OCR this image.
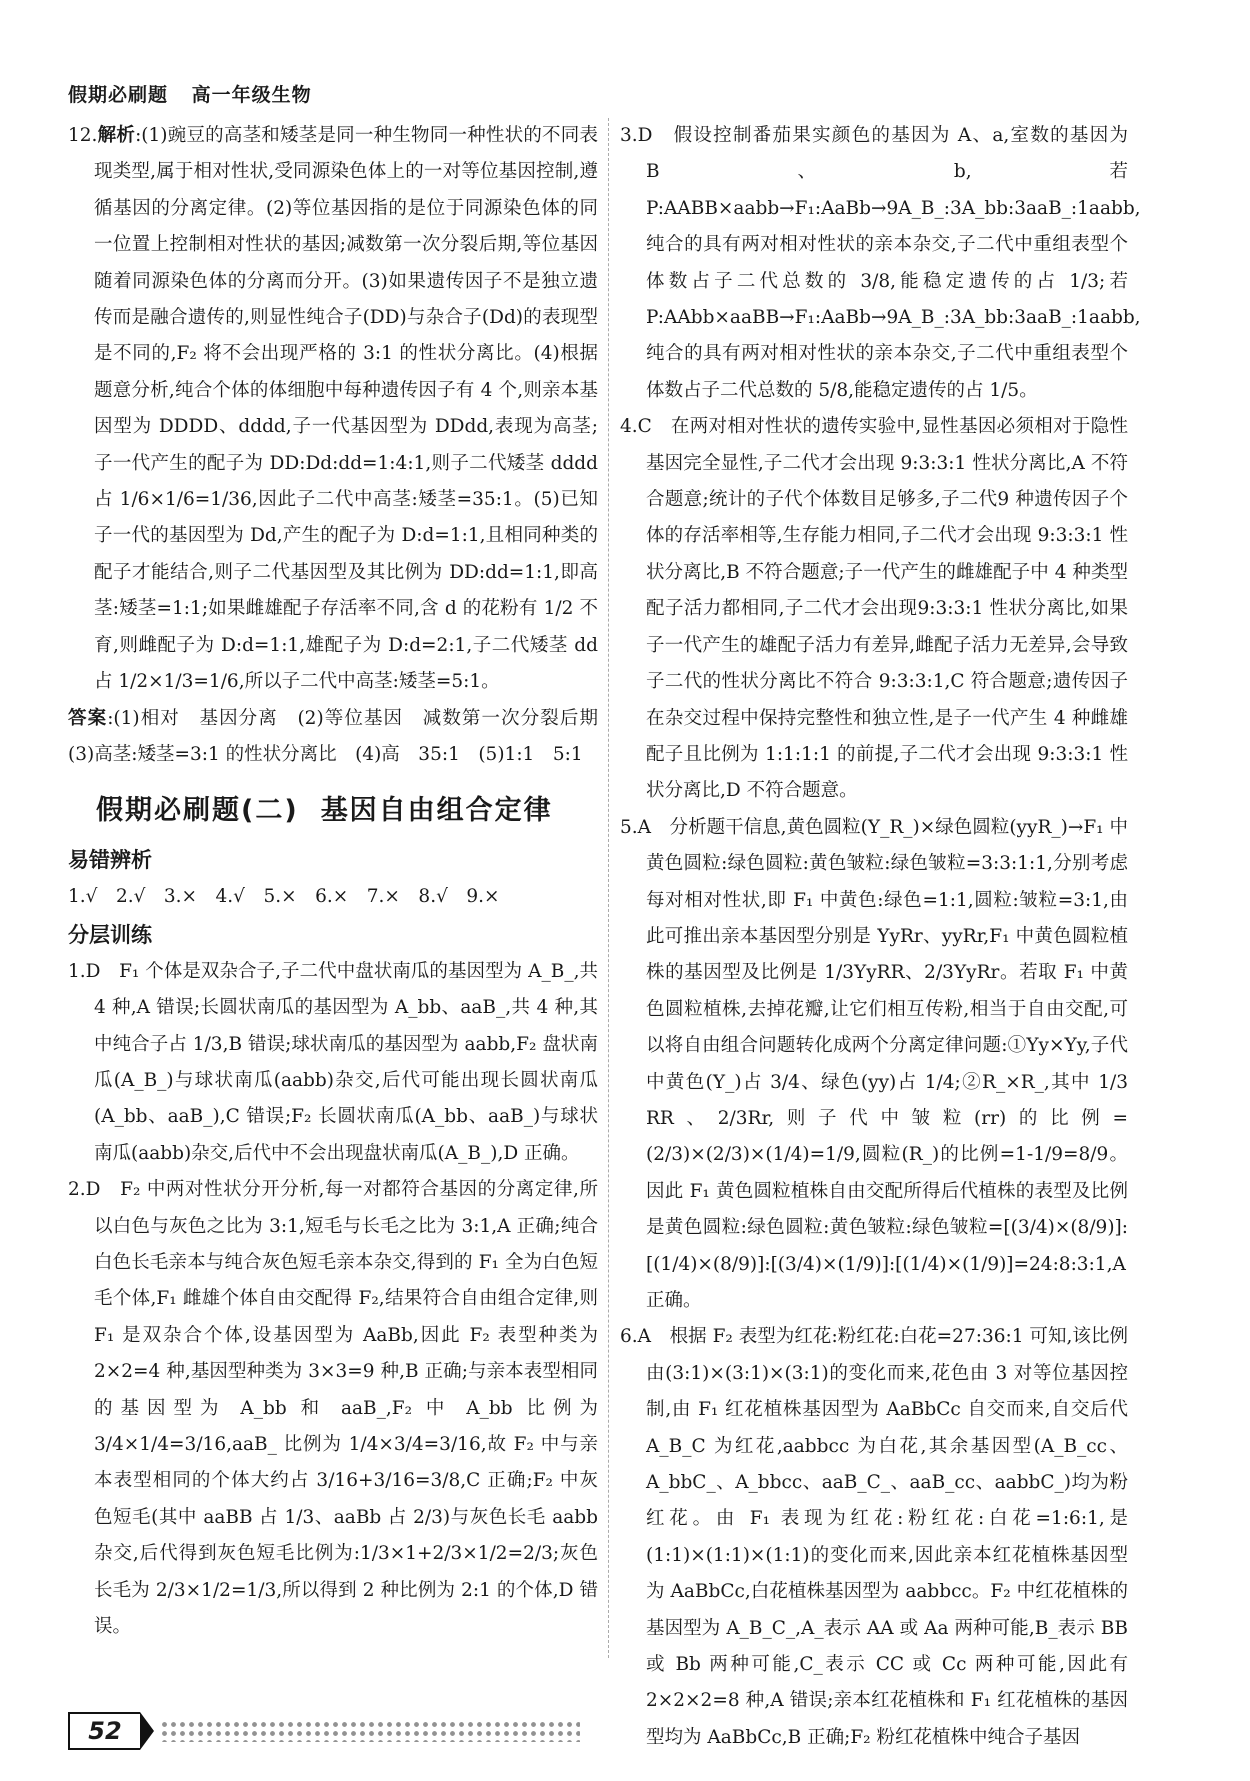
假期必刷题 高一年级生物

12.解析:(1)豌豆的高茎和矮茎是同一种生物同一种性状的不同表现类型,属于相对性状,受同源染色体上的一对等位基因控制,遵循基因的分离定律。(2)等位基因指的是位于同源染色体的同一位置上控制相对性状的基因;减数第一次分裂后期,等位基因随着同源染色体的分离而分开。(3)如果遗传因子不是独立遗传而是融合遗传的,则显性纯合子(DD)与杂合子(Dd)的表现型是不同的,F₂ 将不会出现严格的 3:1 的性状分离比。(4)根据题意分析,纯合个体的体细胞中每种遗传因子有 4 个,则亲本基因型为 DDDD、dddd,子一代基因型为 DDdd,表现为高茎;子一代产生的配子为 DD:Dd:dd=1:4:1,则子二代矮茎 dddd 占 1/6×1/6=1/36,因此子二代中高茎:矮茎=35:1。(5)已知子一代的基因型为 Dd,产生的配子为 D:d=1:1,且相同种类的配子才能结合,则子二代基因型及其比例为 DD:dd=1:1,即高茎:矮茎=1:1;如果雌雄配子存活率不同,含 d 的花粉有 1/2 不育,则雌配子为 D:d=1:1,雄配子为 D:d=2:1,子二代矮茎 dd 占 1/2×1/3=1/6,所以子二代中高茎:矮茎=5:1。

答案:(1)相对　基因分离　(2)等位基因　减数第一次分裂后期　(3)高茎:矮茎=3:1 的性状分离比　(4)高　35:1　(5)1:1　5:1

假期必刷题(二) 基因自由组合定律
易错辨析

1.√　2.√　3.×　4.√　5.×　6.×　7.×　8.√　9.×

分层训练

1.D　F₁ 个体是双杂合子,子二代中盘状南瓜的基因型为 A_B_,共 4 种,A 错误;长圆状南瓜的基因型为 A_bb、aaB_,共 4 种,其中纯合子占 1/3,B 错误;球状南瓜的基因型为 aabb,F₂ 盘状南瓜(A_B_)与球状南瓜(aabb)杂交,后代可能出现长圆状南瓜(A_bb、aaB_),C 错误;F₂ 长圆状南瓜(A_bb、aaB_)与球状南瓜(aabb)杂交,后代中不会出现盘状南瓜(A_B_),D 正确。

2.D　F₂ 中两对性状分开分析,每一对都符合基因的分离定律,所以白色与灰色之比为 3:1,短毛与长毛之比为 3:1,A 正确;纯合白色长毛亲本与纯合灰色短毛亲本杂交,得到的 F₁ 全为白色短毛个体,F₁ 雌雄个体自由交配得 F₂,结果符合自由组合定律,则 F₁ 是双杂合个体,设基因型为 AaBb,因此 F₂ 表型种类为 2×2=4 种,基因型种类为 3×3=9 种,B 正确;与亲本表型相同的基因型为 A_bb 和 aaB_,F₂ 中 A_bb 比例为 3/4×1/4=3/16,aaB_ 比例为 1/4×3/4=3/16,故 F₂ 中与亲本表型相同的个体大约占 3/16+3/16=3/8,C 正确;F₂ 中灰色短毛(其中 aaBB 占 1/3、aaBb 占 2/3)与灰色长毛 aabb 杂交,后代得到灰色短毛比例为:1/3×1+2/3×1/2=2/3;灰色长毛为 2/3×1/2=1/3,所以得到 2 种比例为 2:1 的个体,D 错误。

3.D　假设控制番茄果实颜色的基因为 A、a,室数的基因为 B、b,若 P:AABB×aabb→F₁:AaBb→9A_B_:3A_bb:3aaB_:1aabb,纯合的具有两对相对性状的亲本杂交,子二代中重组表型个体数占子二代总数的 3/8,能稳定遗传的占 1/3;若 P:AAbb×aaBB→F₁:AaBb→9A_B_:3A_bb:3aaB_:1aabb,纯合的具有两对相对性状的亲本杂交,子二代中重组表型个体数占子二代总数的 5/8,能稳定遗传的占 1/5。

4.C　在两对相对性状的遗传实验中,显性基因必须相对于隐性基因完全显性,子二代才会出现 9:3:3:1 性状分离比,A 不符合题意;统计的子代个体数目足够多,子二代9 种遗传因子个体的存活率相等,生存能力相同,子二代才会出现 9:3:3:1 性状分离比,B 不符合题意;子一代产生的雌雄配子中 4 种类型配子活力都相同,子二代才会出现9:3:3:1 性状分离比,如果子一代产生的雄配子活力有差异,雌配子活力无差异,会导致子二代的性状分离比不符合 9:3:3:1,C 符合题意;遗传因子在杂交过程中保持完整性和独立性,是子一代产生 4 种雌雄配子且比例为 1:1:1:1 的前提,子二代才会出现 9:3:3:1 性状分离比,D 不符合题意。

5.A　分析题干信息,黄色圆粒(Y_R_)×绿色圆粒(yyR_)→F₁ 中黄色圆粒:绿色圆粒:黄色皱粒:绿色皱粒=3:3:1:1,分别考虑每对相对性状,即 F₁ 中黄色:绿色=1:1,圆粒:皱粒=3:1,由此可推出亲本基因型分别是 YyRr、yyRr,F₁ 中黄色圆粒植株的基因型及比例是 1/3YyRR、2/3YyRr。若取 F₁ 中黄色圆粒植株,去掉花瓣,让它们相互传粉,相当于自由交配,可以将自由组合问题转化成两个分离定律问题:①Yy×Yy,子代中黄色(Y_)占 3/4、绿色(yy)占 1/4;②R_×R_,其中 1/3 RR、2/3Rr,则子代中皱粒(rr)的比例=(2/3)×(2/3)×(1/4)=1/9,圆粒(R_)的比例=1-1/9=8/9。因此 F₁ 黄色圆粒植株自由交配所得后代植株的表型及比例是黄色圆粒:绿色圆粒:黄色皱粒:绿色皱粒=[(3/4)×(8/9)]:[(1/4)×(8/9)]:[(3/4)×(1/9)]:[(1/4)×(1/9)]=24:8:3:1,A 正确。

6.A　根据 F₂ 表型为红花:粉红花:白花=27:36:1 可知,该比例由(3:1)×(3:1)×(3:1)的变化而来,花色由 3 对等位基因控制,由 F₁ 红花植株基因型为 AaBbCc 自交而来,自交后代 A_B_C 为红花,aabbcc 为白花,其余基因型(A_B_cc、A_bbC_、A_bbcc、aaB_C_、aaB_cc、aabbC_)均为粉红花。由 F₁ 表现为红花:粉红花:白花=1:6:1,是(1:1)×(1:1)×(1:1)的变化而来,因此亲本红花植株基因型为 AaBbCc,白花植株基因型为 aabbcc。F₂ 中红花植株的基因型为 A_B_C_,A_表示 AA 或 Aa 两种可能,B_表示 BB 或 Bb 两种可能,C_表示 CC 或 Cc 两种可能,因此有 2×2×2=8 种,A 错误;亲本红花植株和 F₁ 红花植株的基因型均为 AaBbCc,B 正确;F₂ 粉红花植株中纯合子基因

52
